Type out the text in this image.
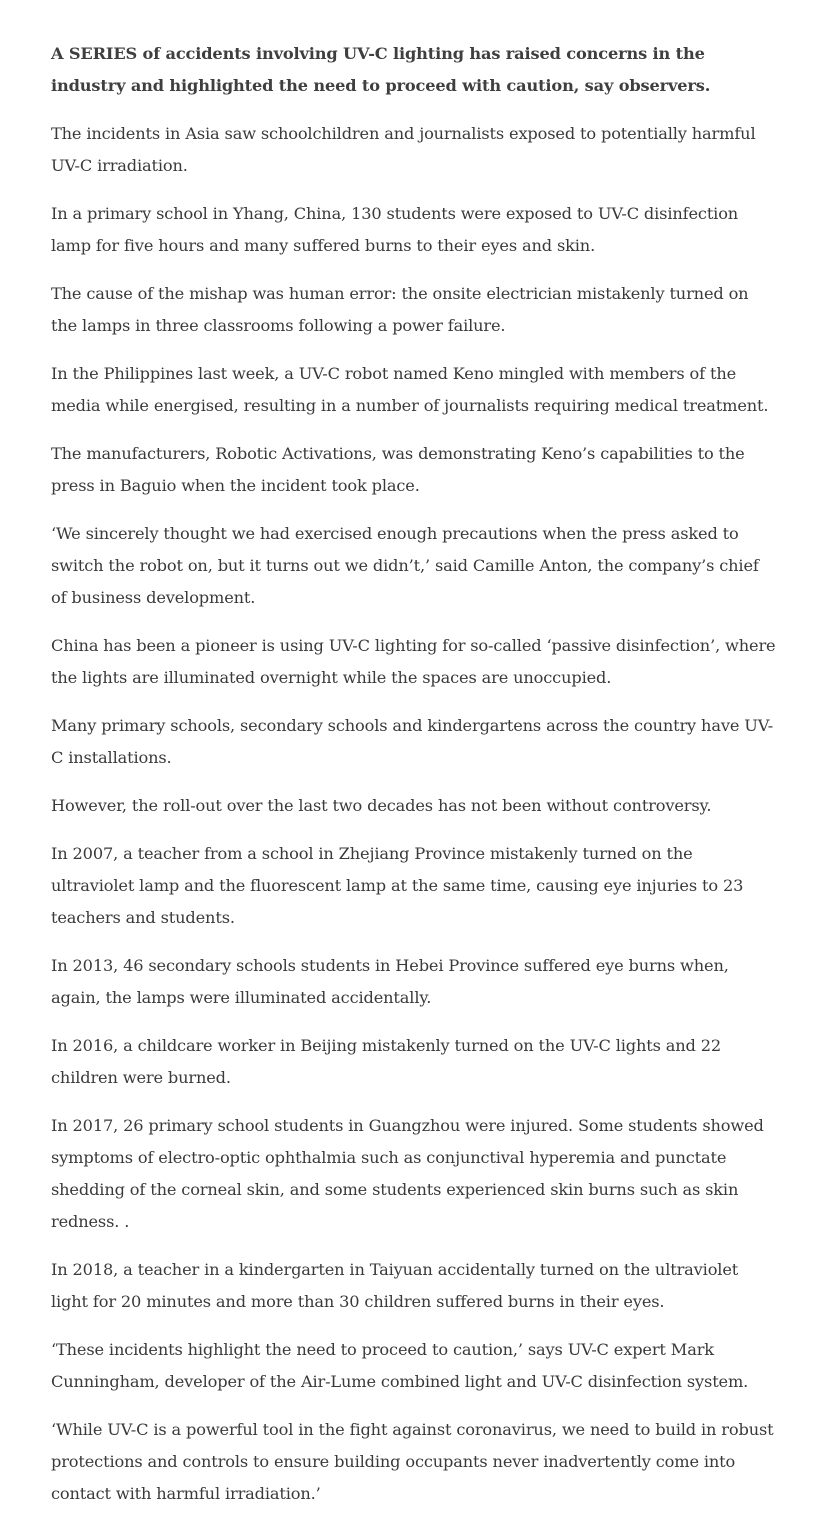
A SERIES of accidents involving UV-C lighting has raised concerns in the industry and highlighted the need to proceed with caution, say observers.

The incidents in Asia saw schoolchildren and journalists exposed to potentially harmful UV-C irradiation.

In a primary school in Yhang, China, 130 students were exposed to UV-C disinfection lamp for five hours and many suffered burns to their eyes and skin.

The cause of the mishap was human error: the onsite electrician mistakenly turned on the lamps in three classrooms following a power failure.

In the Philippines last week, a UV-C robot named Keno mingled with members of the media while energised, resulting in a number of journalists requiring medical treatment.

The manufacturers, Robotic Activations, was demonstrating Keno’s capabilities to the press in Baguio when the incident took place.

‘We sincerely thought we had exercised enough precautions when the press asked to switch the robot on, but it turns out we didn’t,’ said Camille Anton, the company’s chief of business development.

China has been a pioneer is using UV-C lighting for so-called ‘passive disinfection’, where the lights are illuminated overnight while the spaces are unoccupied.

Many primary schools, secondary schools and kindergartens across the country have UV-C installations.

However, the roll-out over the last two decades has not been without controversy.

In 2007, a teacher from a school in Zhejiang Province mistakenly turned on the ultraviolet lamp and the fluorescent lamp at the same time, causing eye injuries to 23 teachers and students.

In 2013, 46 secondary schools students in Hebei Province suffered eye burns when, again, the lamps were illuminated accidentally.

In 2016, a childcare worker in Beijing mistakenly turned on the UV-C lights and 22 children were burned.

In 2017, 26 primary school students in Guangzhou were injured. Some students showed symptoms of electro-optic ophthalmia such as conjunctival hyperemia and punctate shedding of the corneal skin, and some students experienced skin burns such as skin redness. .

In 2018, a teacher in a kindergarten in Taiyuan accidentally turned on the ultraviolet light for 20 minutes and more than 30 children suffered burns in their eyes.

‘These incidents highlight the need to proceed to caution,’ says UV-C expert Mark Cunningham, developer of the Air-Lume combined light and UV-C disinfection system.

‘While UV-C is a powerful tool in the fight against coronavirus, we need to build in robust protections and controls to ensure building occupants never inadvertently come into contact with harmful irradiation.’
